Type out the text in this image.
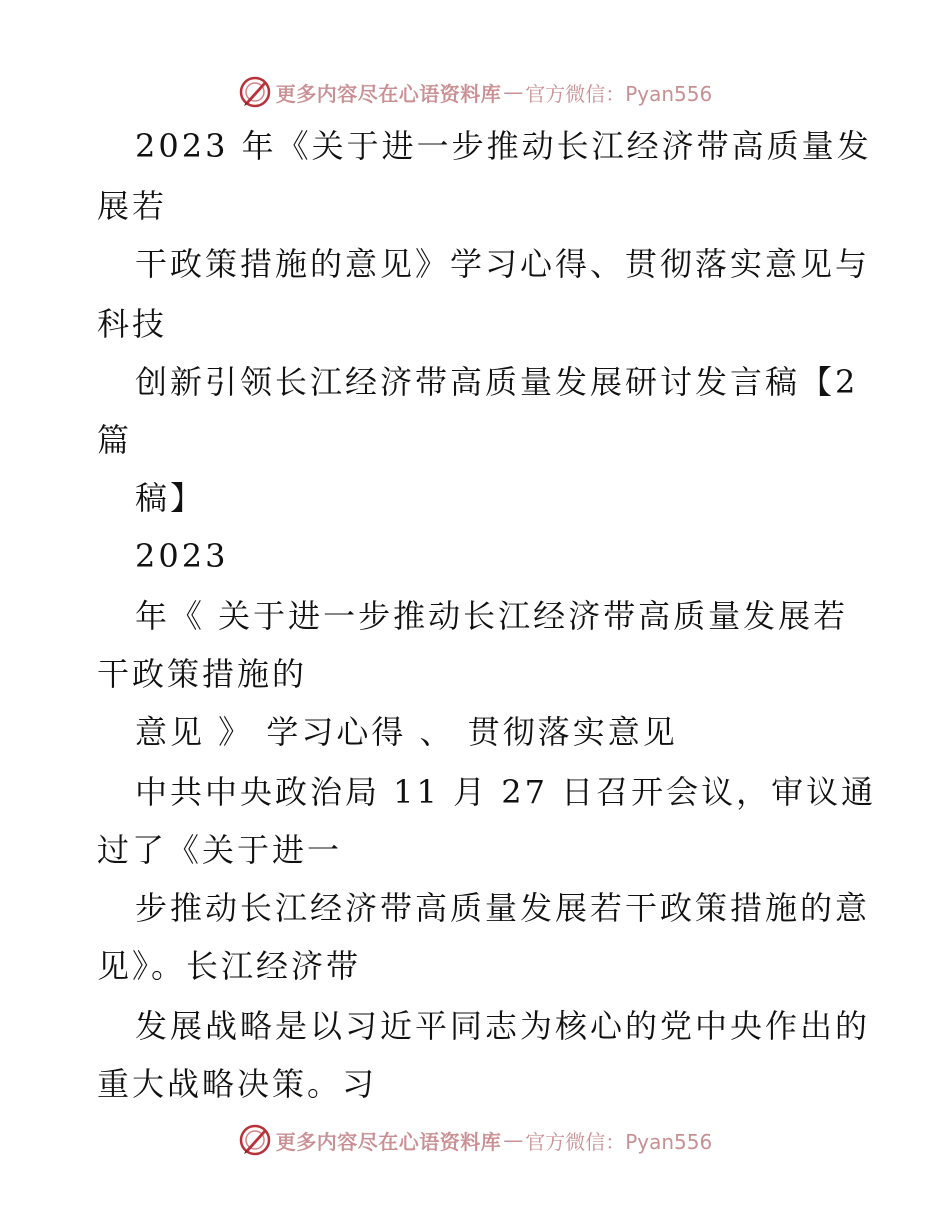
更多内容尽在心语资料库 — 官方微信：Pyan556
2023 年《关于进一步推动长江经济带高质量发
展若
干政策措施的意见》学习心得、贯彻落实意见与
科技
创新引领长江经济带高质量发展研讨发言稿【2
篇
稿】
2023
年《 关于进一步推动长江经济带高质量发展若
干政策措施的
意见 》 学习心得 、 贯彻落实意见
中共中央政治局 11 月 27 日召开会议，审议通
过了《关于进一
步推动长江经济带高质量发展若干政策措施的意
见》。长江经济带
发展战略是以习近平同志为核心的党中央作出的
重大战略决策。习
更多内容尽在心语资料库 — 官方微信：Pyan556
